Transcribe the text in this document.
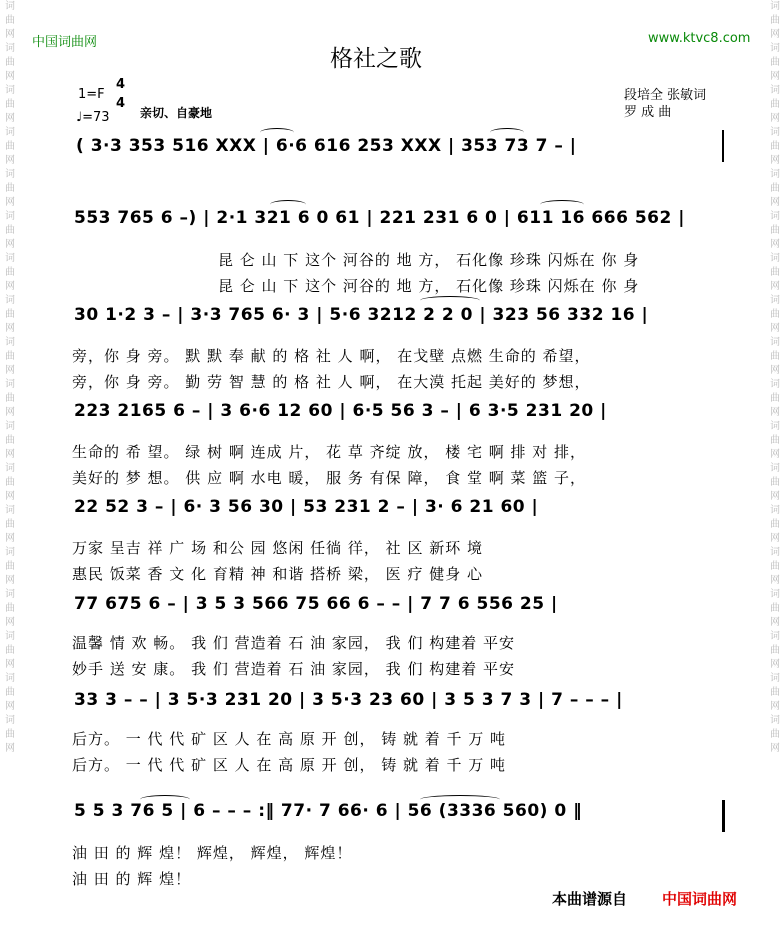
词曲网词曲网词曲网词曲网词曲网词曲网词曲网词曲网词曲网词曲网词曲网词曲网词曲网词曲网词曲网词曲网词曲网词曲网
词曲网词曲网词曲网词曲网词曲网词曲网词曲网词曲网词曲网词曲网词曲网词曲网词曲网词曲网词曲网词曲网词曲网词曲网
中国词曲网	www.ktvc8.com
格社之歌
1=F
4
4
♩=73	亲切、自豪地
段培全 张敏词
罗 成 曲
( 3·3 353 516 XXX | 6·6 616 253 XXX | 353 73 7 – |
553 765 6 –) | 2·1 321 6 0 61 | 221 231 6 0 | 611 16 666 562 |
昆 仑 山 下 这个 河谷的 地 方， 石化像 珍珠 闪烁在 你 身
昆 仑 山 下 这个 河谷的 地 方， 石化像 珍珠 闪烁在 你 身
30 1·2 3 – | 3·3 765 6· 3 | 5·6 3212 2 2 0 | 323 56 332 16 |
旁，你 身 旁。 默 默 奉 献 的 格 社 人 啊， 在戈壁 点燃 生命的 希望，
旁，你 身 旁。 勤 劳 智 慧 的 格 社 人 啊， 在大漠 托起 美好的 梦想，
223 2165 6 – | 3 6·6 12 60 | 6·5 56 3 – | 6 3·5 231 20 |
生命的 希 望。 绿 树 啊 连成 片， 花 草 齐绽 放， 楼 宅 啊 排 对 排，
美好的 梦 想。 供 应 啊 水电 暖， 服 务 有保 障， 食 堂 啊 菜 篮 子，
22 52 3 – | 6· 3 56 30 | 53 231 2 – | 3· 6 21 60 |
万家 呈吉 祥 广 场 和公 园 悠闲 任徜 徉， 社 区 新环 境
惠民 饭菜 香 文 化 育精 神 和谐 搭桥 梁， 医 疗 健身 心
77 675 6 – | 3 5 3 566 75 66 6 – – | 7 7 6 556 25 |
温馨 情 欢 畅。 我 们 营造着 石 油 家园， 我 们 构建着 平安
妙手 送 安 康。 我 们 营造着 石 油 家园， 我 们 构建着 平安
33 3 – – | 3 5·3 231 20 | 3 5·3 23 60 | 3 5 3 7 3 | 7 – – – |
后方。 一 代 代 矿 区 人 在 高 原 开 创， 铸 就 着 千 万 吨
后方。 一 代 代 矿 区 人 在 高 原 开 创， 铸 就 着 千 万 吨
5 5 3 76 5 | 6 – – – :‖ 77· 7 66· 6 | 56 (3336 560) 0 ‖
油 田 的 辉 煌！ 辉煌， 辉煌， 辉煌！
油 田 的 辉 煌！
本曲谱源自 中国词曲网
